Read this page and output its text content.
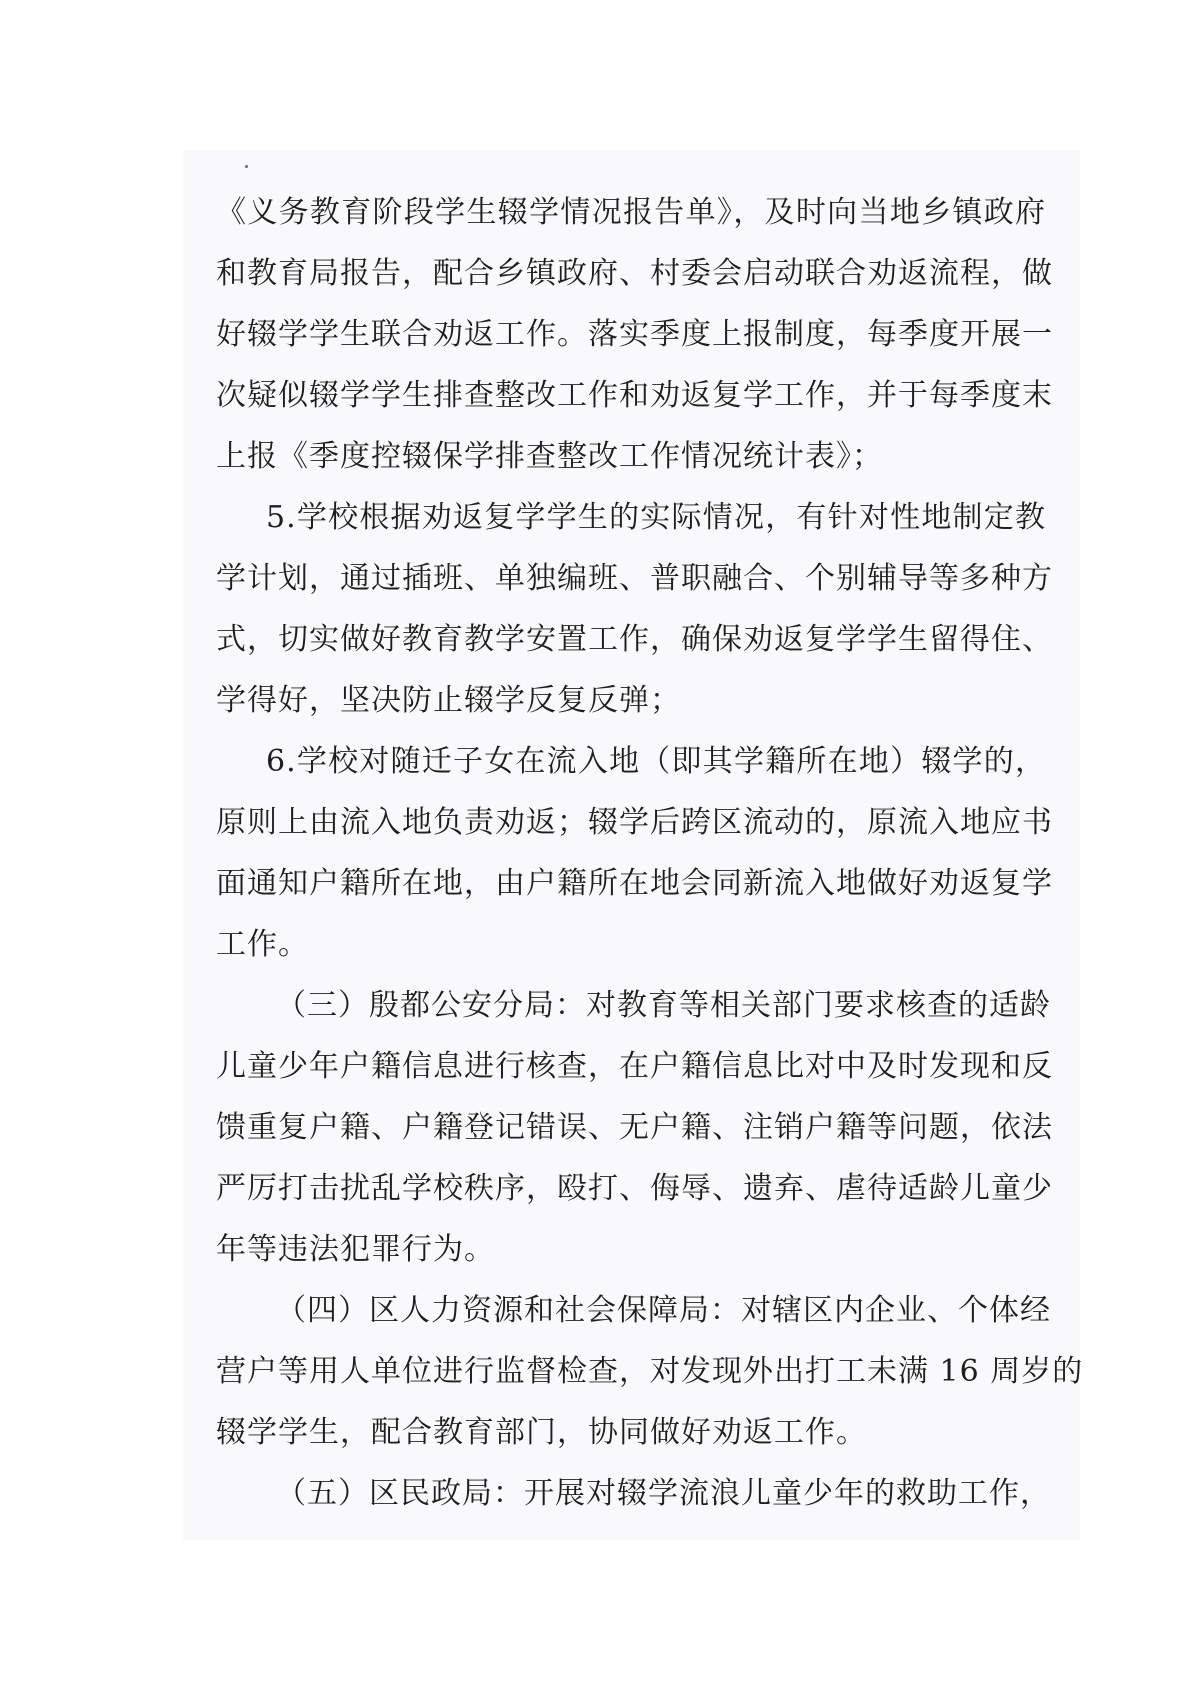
《义务教育阶段学生辍学情况报告单》，及时向当地乡镇政府
和教育局报告，配合乡镇政府、村委会启动联合劝返流程，做
好辍学学生联合劝返工作。落实季度上报制度，每季度开展一
次疑似辍学学生排查整改工作和劝返复学工作，并于每季度末
上报《季度控辍保学排查整改工作情况统计表》；
5.学校根据劝返复学学生的实际情况，有针对性地制定教
学计划，通过插班、单独编班、普职融合、个别辅导等多种方
式，切实做好教育教学安置工作，确保劝返复学学生留得住、
学得好，坚决防止辍学反复反弹；
6.学校对随迁子女在流入地（即其学籍所在地）辍学的，
原则上由流入地负责劝返；辍学后跨区流动的，原流入地应书
面通知户籍所在地，由户籍所在地会同新流入地做好劝返复学
工作。
（三）殷都公安分局：对教育等相关部门要求核查的适龄
儿童少年户籍信息进行核查，在户籍信息比对中及时发现和反
馈重复户籍、户籍登记错误、无户籍、注销户籍等问题，依法
严厉打击扰乱学校秩序，殴打、侮辱、遗弃、虐待适龄儿童少
年等违法犯罪行为。
（四）区人力资源和社会保障局：对辖区内企业、个体经
营户等用人单位进行监督检查，对发现外出打工未满 16 周岁的
辍学学生，配合教育部门，协同做好劝返工作。
（五）区民政局：开展对辍学流浪儿童少年的救助工作，
